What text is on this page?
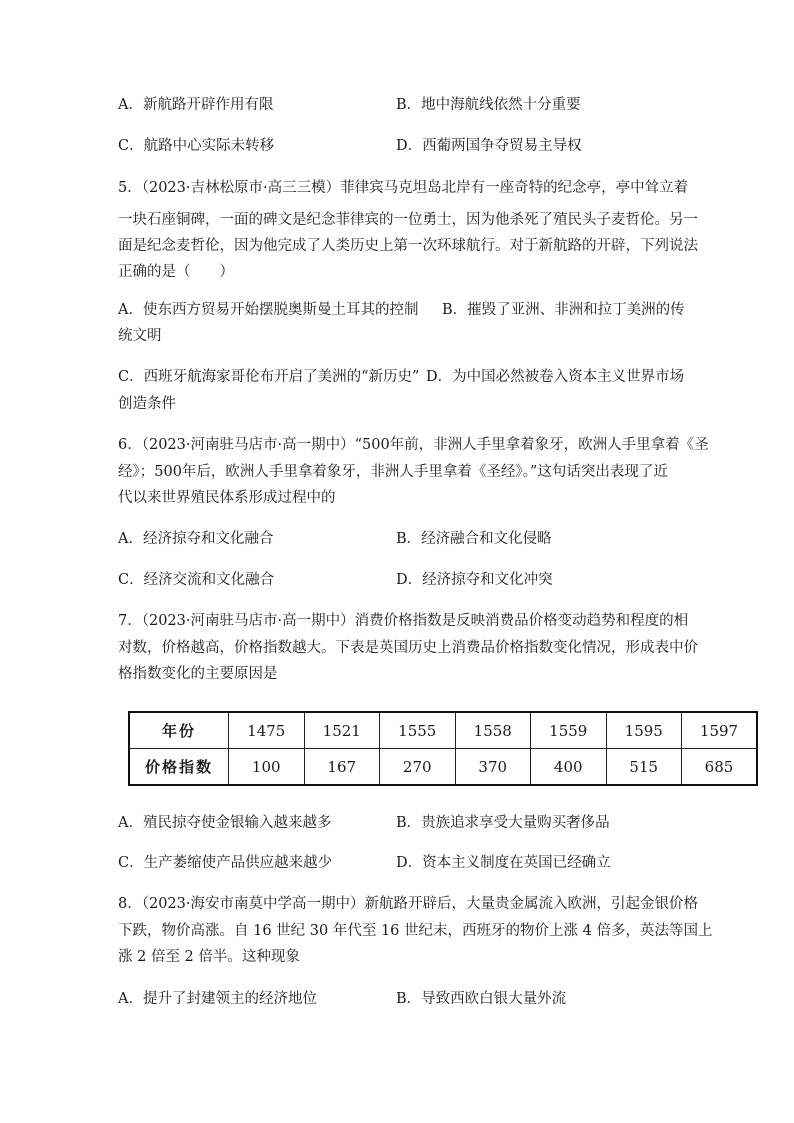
A．新航路开辟作用有限	B．地中海航线依然十分重要
C．航路中心实际未转移	D．西葡两国争夺贸易主导权
5．（2023·吉林松原市·高三三模）菲律宾马克坦岛北岸有一座奇特的纪念亭，亭中耸立着
一块石座铜碑，一面的碑文是纪念菲律宾的一位勇士，因为他杀死了殖民头子麦哲伦。另一
面是纪念麦哲伦，因为他完成了人类历史上第一次环球航行。对于新航路的开辟，下列说法
正确的是（　　）
A．使东西方贸易开始摆脱奥斯曼土耳其的控制 B．摧毁了亚洲、非洲和拉丁美洲的传
统文明
C．西班牙航海家哥伦布开启了美洲的“新历史” D．为中国必然被卷入资本主义世界市场
创造条件
6．（2023·河南驻马店市·高一期中）“500年前，非洲人手里拿着象牙，欧洲人手里拿着《圣
经》；500年后，欧洲人手里拿着象牙，非洲人手里拿着《圣经》。”这句话突出表现了近
代以来世界殖民体系形成过程中的
A．经济掠夺和文化融合	B．经济融合和文化侵略
C．经济交流和文化融合	D．经济掠夺和文化冲突
7．（2023·河南驻马店市·高一期中）消费价格指数是反映消费品价格变动趋势和程度的相
对数，价格越高，价格指数越大。下表是英国历史上消费品价格指数变化情况，形成表中价
格指数变化的主要原因是
年份	1475	1521	1555	1558	1559	1595	1597
价格指数	100	167	270	370	400	515	685
A．殖民掠夺使金银输入越来越多	B．贵族追求享受大量购买奢侈品
C．生产萎缩使产品供应越来越少	D．资本主义制度在英国已经确立
8．（2023·海安市南莫中学高一期中）新航路开辟后，大量贵金属流入欧洲，引起金银价格
下跌，物价高涨。自 16 世纪 30 年代至 16 世纪末，西班牙的物价上涨 4 倍多，英法等国上
涨 2 倍至 2 倍半。这种现象
A．提升了封建领主的经济地位	B．导致西欧白银大量外流
